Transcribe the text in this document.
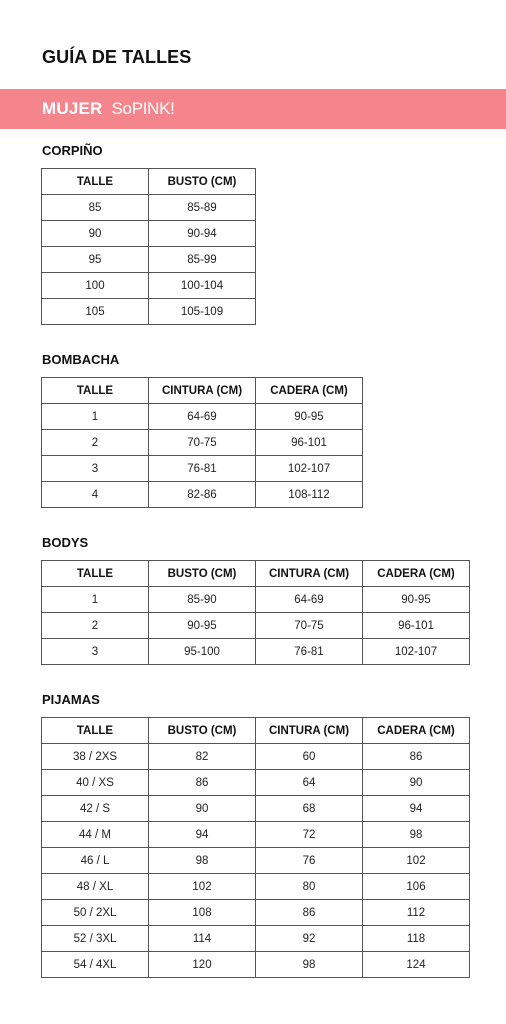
GUÍA DE TALLES
MUJER SoPINK!
CORPIÑO
TALLE	BUSTO (CM)
85	85-89
90	90-94
95	85-99
100	100-104
105	105-109
BOMBACHA
TALLE	CINTURA (CM)	CADERA (CM)
1	64-69	90-95
2	70-75	96-101
3	76-81	102-107
4	82-86	108-112
BODYS
TALLE	BUSTO (CM)	CINTURA (CM)	CADERA (CM)
1	85-90	64-69	90-95
2	90-95	70-75	96-101
3	95-100	76-81	102-107
PIJAMAS
TALLE	BUSTO (CM)	CINTURA (CM)	CADERA (CM)
38 / 2XS	82	60	86
40 / XS	86	64	90
42 / S	90	68	94
44 / M	94	72	98
46 / L	98	76	102
48 / XL	102	80	106
50 / 2XL	108	86	112
52 / 3XL	114	92	118
54 / 4XL	120	98	124
